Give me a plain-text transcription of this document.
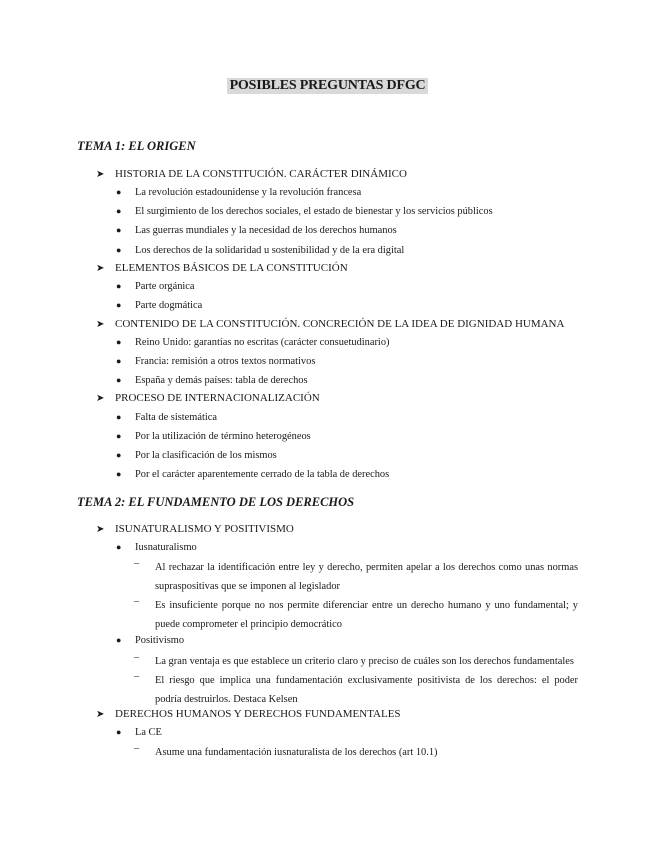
POSIBLES PREGUNTAS DFGC
TEMA 1: EL ORIGEN
➤ HISTORIA DE LA CONSTITUCIÓN. CARÁCTER DINÁMICO
● La revolución estadounidense y la revolución francesa
● El surgimiento de los derechos sociales, el estado de bienestar y los servicios públicos
● Las guerras mundiales y la necesidad de los derechos humanos
● Los derechos de la solidaridad u sostenibilidad y de la era digital
➤ ELEMENTOS BÁSICOS DE LA CONSTITUCIÓN
● Parte orgánica
● Parte dogmática
➤ CONTENIDO DE LA CONSTITUCIÓN. CONCRECIÓN DE LA IDEA DE DIGNIDAD HUMANA
● Reino Unido: garantías no escritas (carácter consuetudinario)
● Francia: remisión a otros textos normativos
● España y demás países: tabla de derechos
➤ PROCESO DE INTERNACIONALIZACIÓN
● Falta de sistemática
● Por la utilización de término heterogéneos
● Por la clasificación de los mismos
● Por el carácter aparentemente cerrado de la tabla de derechos
TEMA 2: EL FUNDAMENTO DE LOS DERECHOS
➤ ISUNATURALISMO Y POSITIVISMO
● Iusnaturalismo
– Al rechazar la identificación entre ley y derecho, permiten apelar a los derechos como unas normas supraspositivas que se imponen al legislador
– Es insuficiente porque no nos permite diferenciar entre un derecho humano y uno fundamental; y puede comprometer el principio democrático
● Positivismo
– La gran ventaja es que establece un criterio claro y preciso de cuáles son los derechos fundamentales
– El riesgo que implica una fundamentación exclusivamente positivista de los derechos: el poder podría destruirlos. Destaca Kelsen
➤ DERECHOS HUMANOS Y DERECHOS FUNDAMENTALES
● La CE
– Asume una fundamentación iusnaturalista de los derechos (art 10.1)
